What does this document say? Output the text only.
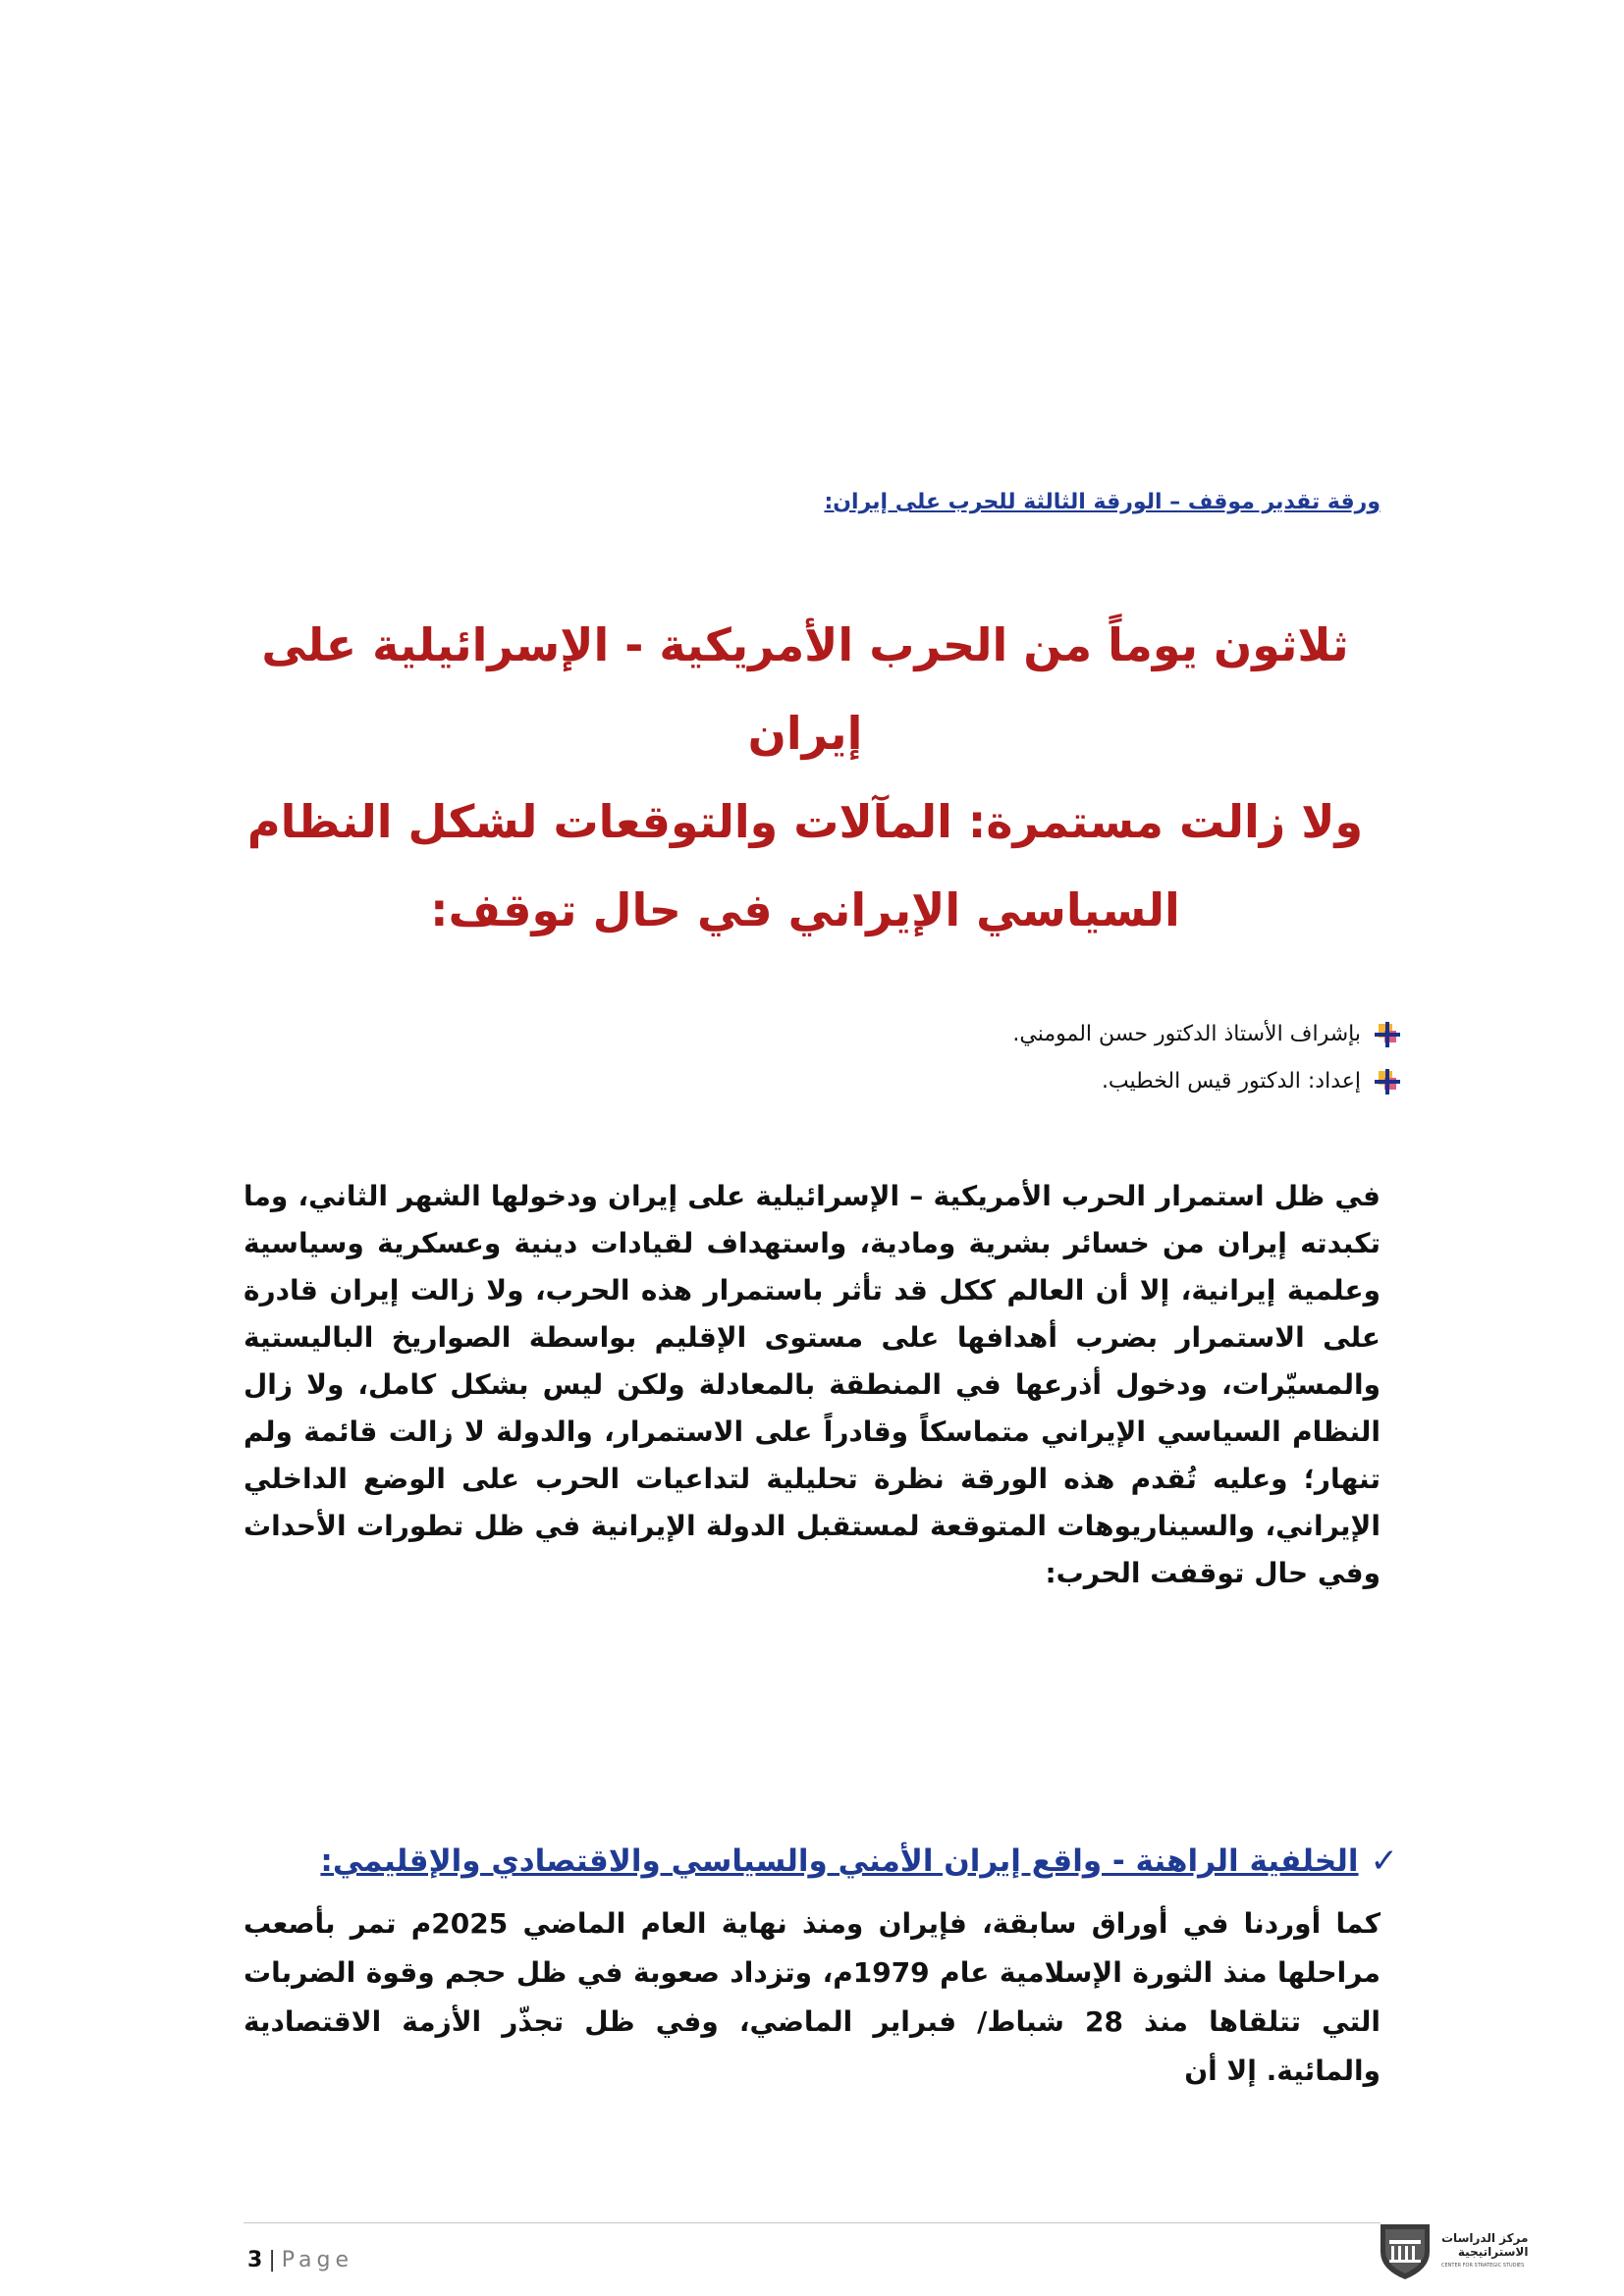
ورقة تقدير موقف – الورقة الثالثة للحرب على إيران:
ثلاثون يوماً من الحرب الأمريكية - الإسرائيلية على إيران
ولا زالت مستمرة: المآلات والتوقعات لشكل النظام
السياسي الإيراني في حال توقف:
بإشراف الأستاذ الدكتور حسن المومني.
إعداد: الدكتور قيس الخطيب.
في ظل استمرار الحرب الأمريكية – الإسرائيلية على إيران ودخولها الشهر الثاني، وما تكبدته إيران من خسائر بشرية ومادية، واستهداف لقيادات دينية وعسكرية وسياسية وعلمية إيرانية، إلا أن العالم ككل قد تأثر باستمرار هذه الحرب، ولا زالت إيران قادرة على الاستمرار بضرب أهدافها على مستوى الإقليم بواسطة الصواريخ الباليستية والمسيّرات، ودخول أذرعها في المنطقة بالمعادلة ولكن ليس بشكل كامل، ولا زال النظام السياسي الإيراني متماسكاً وقادراً على الاستمرار، والدولة لا زالت قائمة ولم تنهار؛ وعليه تُقدم هذه الورقة نظرة تحليلية لتداعيات الحرب على الوضع الداخلي الإيراني، والسيناريوهات المتوقعة لمستقبل الدولة الإيرانية في ظل تطورات الأحداث وفي حال توقفت الحرب:
✓
الخلفية الراهنة - واقع إيران الأمني والسياسي والاقتصادي والإقليمي:
كما أوردنا في أوراق سابقة، فإيران ومنذ نهاية العام الماضي 2025م تمر بأصعب مراحلها منذ الثورة الإسلامية عام 1979م، وتزداد صعوبة في ظل حجم وقوة الضربات التي تتلقاها منذ 28 شباط/ فبراير الماضي، وفي ظل تجذّر الأزمة الاقتصادية والمائية. إلا أن
3 | Page
مركز الدراسات
الاستراتيجية
CENTER FOR STRATEGIC STUDIES
